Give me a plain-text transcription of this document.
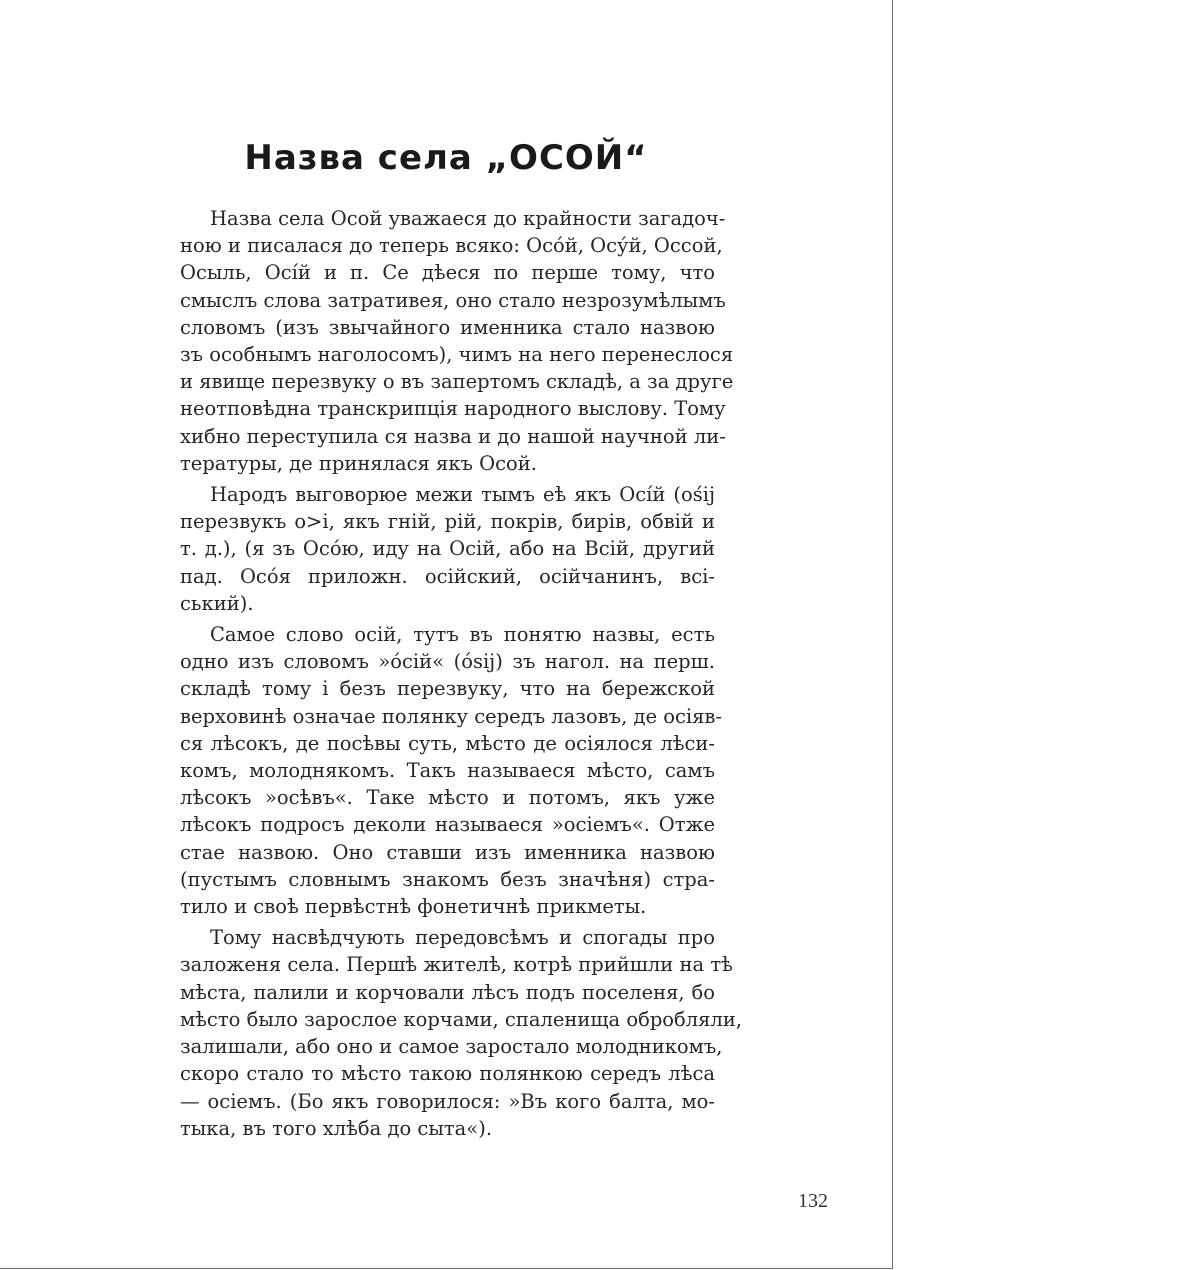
Назва села „ОСОЙ“
Назва села Осой уважаеся до крайности загадоч-
ною и писалася до теперь всяко: Осо́й, Осу́й, Оссой,
Осыль, Осі́й и п. Се дѣеся по перше тому, что
смыслъ слова затративея, оно стало незрозумѣлымъ
словомъ (изъ звычайного именника стало назвою
зъ особнымъ наголосомъ), чимъ на него перенеслося
и явище перезвуку о въ запертомъ складѣ, а за друге
неотповѣдна транскрипція народного выслову. Тому
хибно переступила ся назва и до нашой научной ли-
тературы, де принялася якъ Осой.
Народъ выговорюе межи тымъ eѣ якъ Осі́й (ośij
перезвукъ о>і, якъ гній, рій, покрів, бирів, обвій и
т. д.), (я зъ Осо́ю, иду на Осій, або на Всій, другий
пад. Осо́я приложн. осійский, осійчанинъ, всі-
ський).
Самое слово осій, тутъ въ понятю назвы, есть
одно изъ словомъ »о́сій« (ósij) зъ нагол. на перш.
складѣ тому і безъ перезвуку, что на бережской
верховинѣ означае полянку середъ лазовъ, де осіяв-
ся лѣсокъ, де посѣвы суть, мѣсто де осіялося лѣси-
комъ, молоднякомъ. Такъ называеся мѣсто, самъ
лѣсокъ »осѣвъ«. Таке мѣсто и потомъ, якъ уже
лѣсокъ подросъ деколи называеся »осіемъ«. Отже
стае назвою. Оно ставши изъ именника назвою
(пустымъ словнымъ знакомъ безъ значѣня) стра-
тило и своѣ первѣстнѣ фонетичнѣ прикметы.
Тому насвѣдчують передовсѣмъ и спогады про
заложеня села. Першѣ жителѣ, котрѣ прийшли на тѣ
мѣста, палили и корчовали лѣсъ подъ поселеня, бо
мѣсто было зарослое корчами, спаленища обробляли,
залишали, або оно и самое заростало молодникомъ,
скоро стало то мѣсто такою полянкою середъ лѣса
— осіемъ. (Бо якъ говорилося: »Въ кого балта, мо-
тыка, въ того хлѣба до сыта«).
132
